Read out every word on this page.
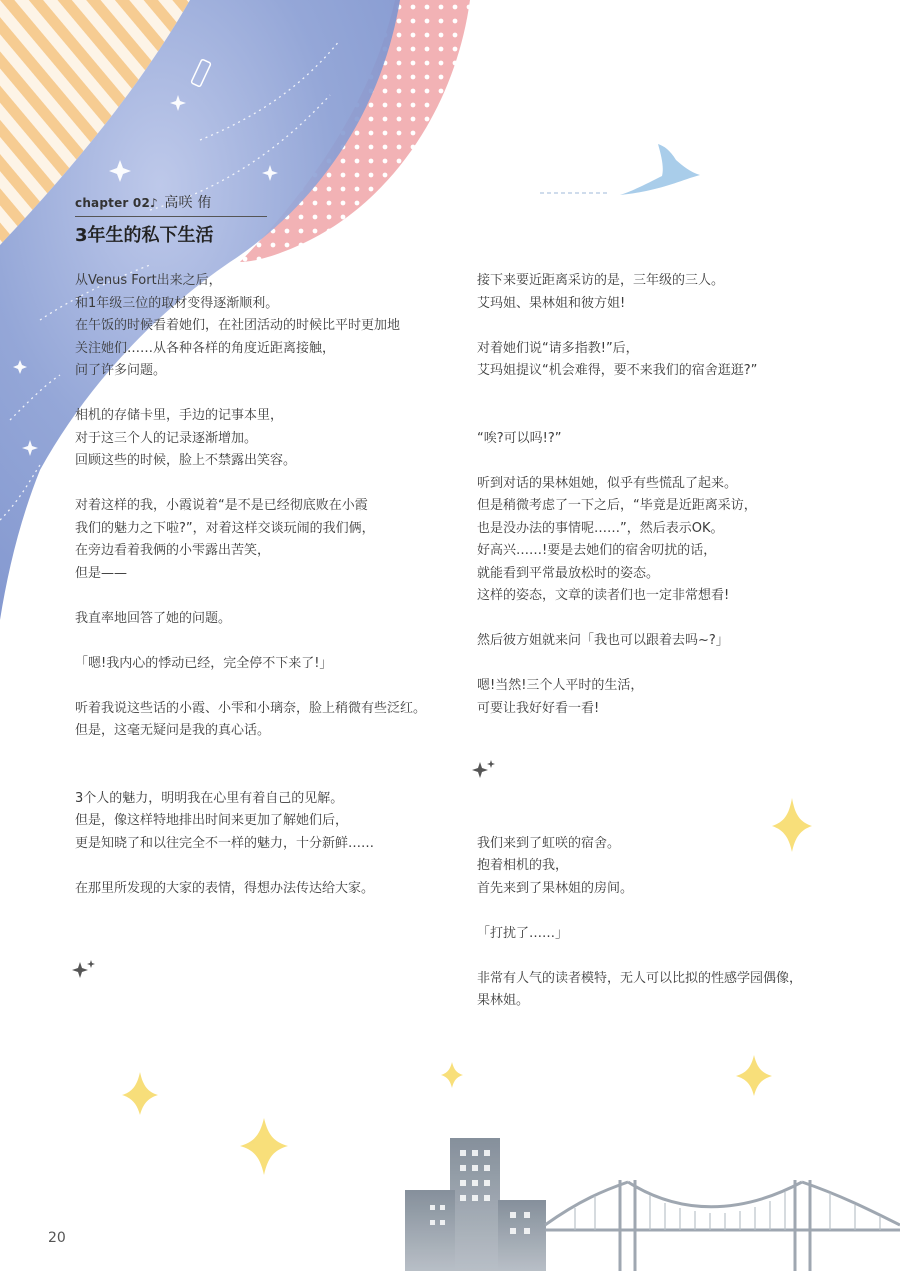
chapter 02♪ 高咲 侑
3年生的私下生活

从Venus Fort出来之后，

和1年级三位的取材变得逐渐顺利。

在午饭的时候看着她们，在社团活动的时候比平时更加地

关注她们……从各种各样的角度近距离接触，

问了许多问题。

相机的存储卡里，手边的记事本里，

对于这三个人的记录逐渐增加。

回顾这些的时候，脸上不禁露出笑容。

对着这样的我，小霞说着“是不是已经彻底败在小霞

我们的魅力之下啦?”，对着这样交谈玩闹的我们俩，

在旁边看着我俩的小雫露出苦笑，

但是——

我直率地回答了她的问题。

「嗯!我内心的悸动已经，完全停不下来了!」

听着我说这些话的小霞、小雫和小璃奈，脸上稍微有些泛红。

但是，这毫无疑问是我的真心话。

3个人的魅力，明明我在心里有着自己的见解。

但是，像这样特地排出时间来更加了解她们后，

更是知晓了和以往完全不一样的魅力，十分新鲜……

在那里所发现的大家的表情，得想办法传达给大家。

接下来要近距离采访的是，三年级的三人。

艾玛姐、果林姐和彼方姐!

对着她们说“请多指教!”后，

艾玛姐提议“机会难得，要不来我们的宿舍逛逛?”

“唉?可以吗!?”

听到对话的果林姐她，似乎有些慌乱了起来。

但是稍微考虑了一下之后，“毕竟是近距离采访，

也是没办法的事情呢……”，然后表示OK。

好高兴……!要是去她们的宿舍叨扰的话，

就能看到平常最放松时的姿态。

这样的姿态，文章的读者们也一定非常想看!

然后彼方姐就来问「我也可以跟着去吗~?」

嗯!当然!三个人平时的生活，

可要让我好好看一看!

我们来到了虹咲的宿舍。

抱着相机的我，

首先来到了果林姐的房间。

「打扰了……」

非常有人气的读者模特，无人可以比拟的性感学园偶像，

果林姐。

20
